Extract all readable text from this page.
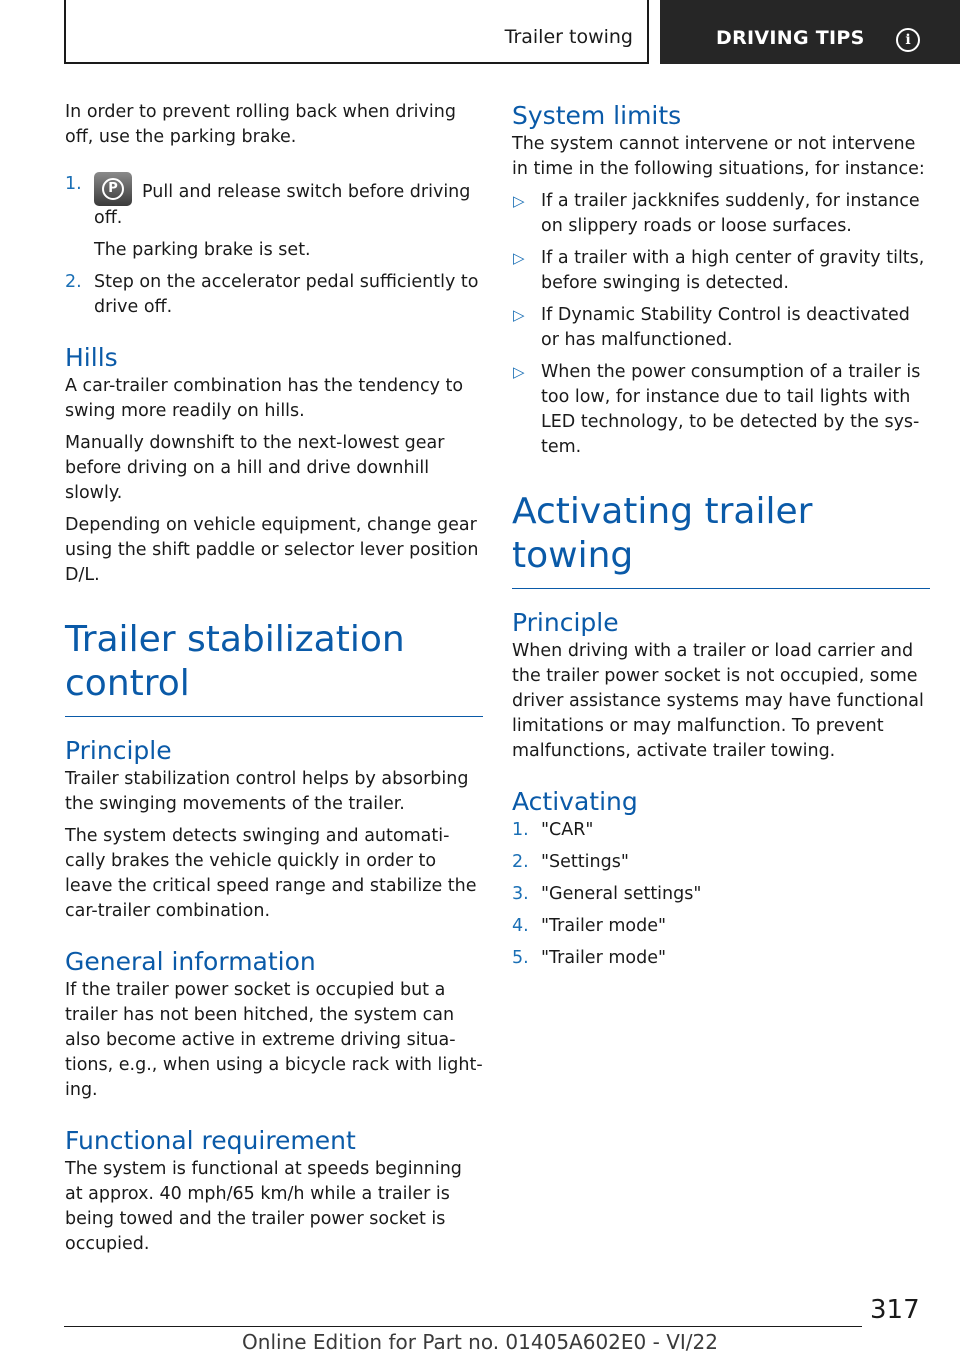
Trailer towing	DRIVING TIPS	i

In order to prevent rolling back when driving off, use the parking brake.

1.	P	Pull and release switch before driving off.

The parking brake is set.

2. Step on the accelerator pedal sufficiently to drive off.
Hills

A car-trailer combination has the tendency to swing more readily on hills.

Manually downshift to the next-lowest gear before driving on a hill and drive downhill slowly.

Depending on vehicle equipment, change gear using the shift paddle or selector lever position D/L.

Trailer stabilization control
Principle

Trailer stabilization control helps by absorbing the swinging movements of the trailer.

The system detects swinging and automatically brakes the vehicle quickly in order to leave the critical speed range and stabilize the car-trailer combination.

General information

If the trailer power socket is occupied but a trailer has not been hitched, the system can also become active in extreme driving situations, e.g., when using a bicycle rack with lighting.

Functional requirement

The system is functional at speeds beginning at approx. 40 mph/65 km/h while a trailer is being towed and the trailer power socket is occupied.

System limits

The system cannot intervene or not intervene in time in the following situations, for instance:

▷ If a trailer jackknifes suddenly, for instance on slippery roads or loose surfaces.
▷ If a trailer with a high center of gravity tilts, before swinging is detected.
▷ If Dynamic Stability Control is deactivated or has malfunctioned.
▷ When the power consumption of a trailer is too low, for instance due to tail lights with LED technology, to be detected by the system.
Activating trailer towing
Principle

When driving with a trailer or load carrier and the trailer power socket is not occupied, some driver assistance systems may have functional limitations or may malfunction. To prevent malfunctions, activate trailer towing.

Activating
1. "CAR"
2. "Settings"
3. "General settings"
4. "Trailer mode"
5. "Trailer mode"
317
Online Edition for Part no. 01405A602E0 - VI/22
